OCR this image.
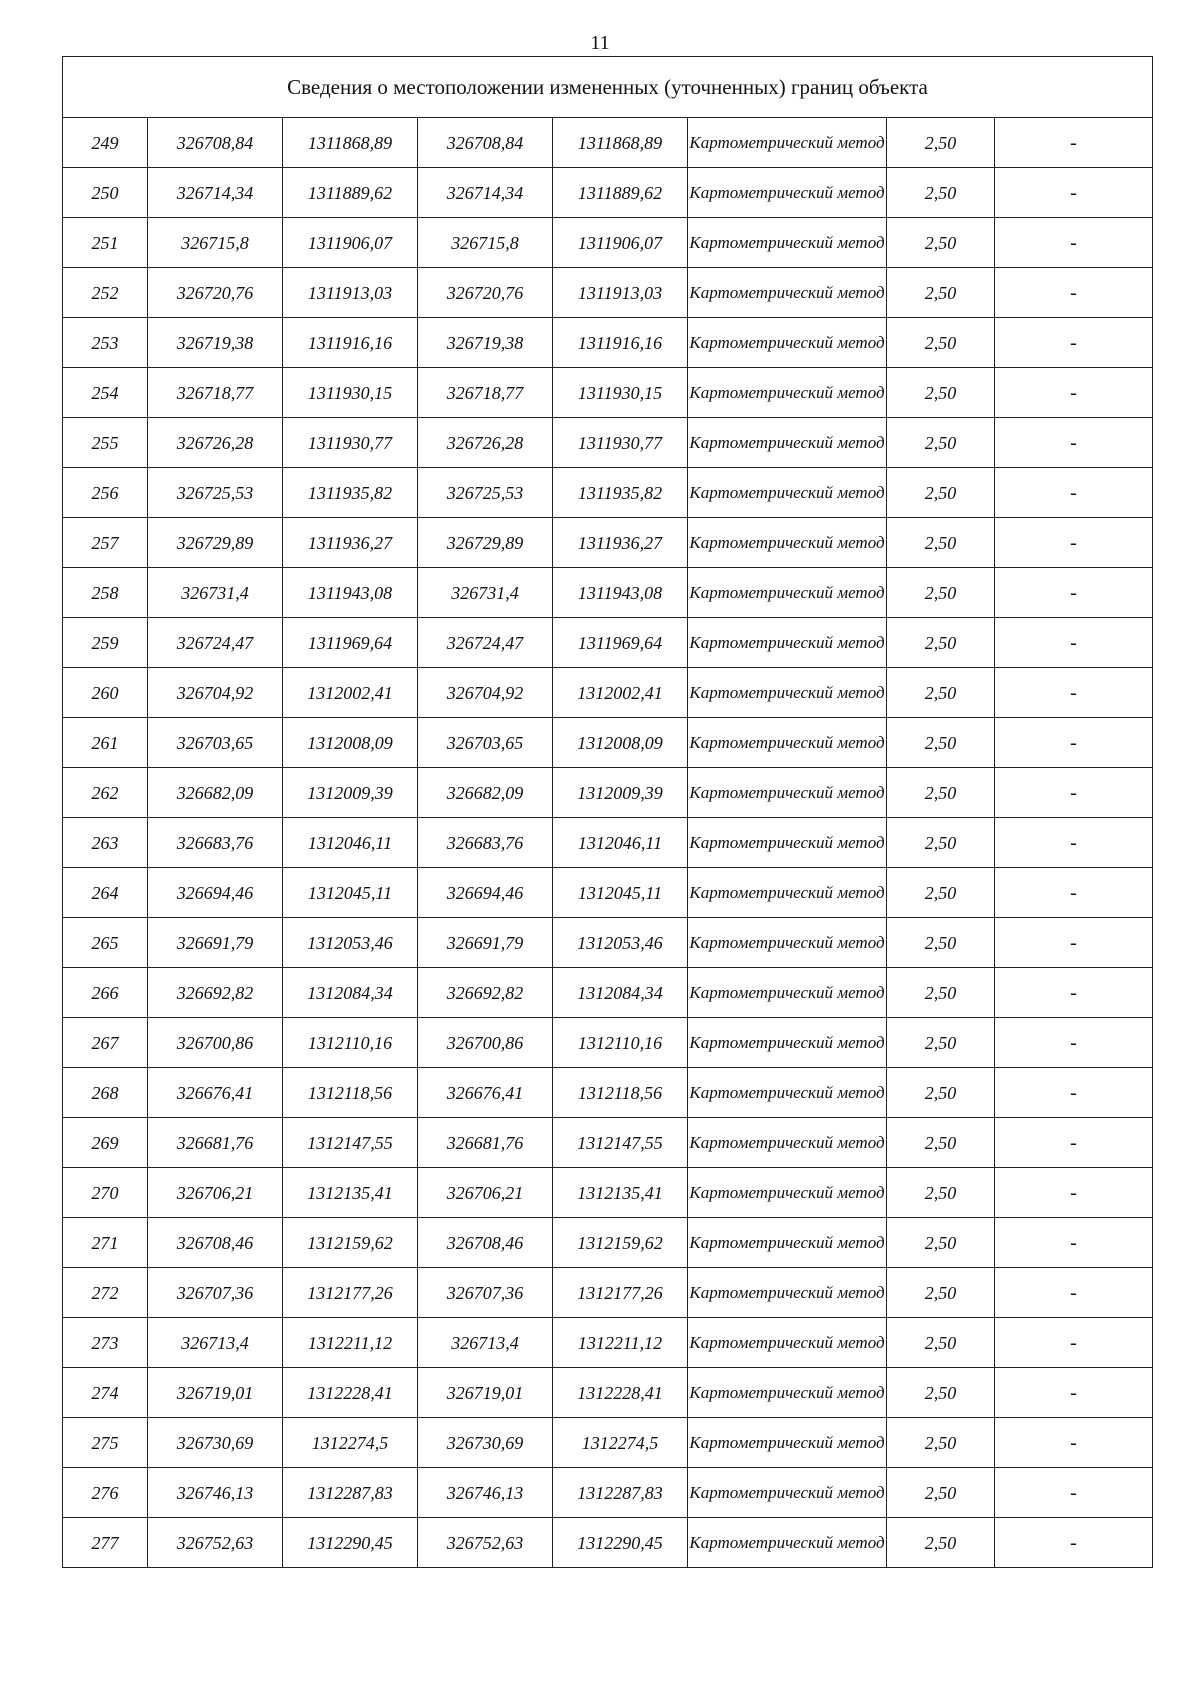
11
Сведения о местоположении измененных (уточненных) границ объекта							
249	326708,84	1311868,89	326708,84	1311868,89	Картометрический метод	2,50	-
250	326714,34	1311889,62	326714,34	1311889,62	Картометрический метод	2,50	-
251	326715,8	1311906,07	326715,8	1311906,07	Картометрический метод	2,50	-
252	326720,76	1311913,03	326720,76	1311913,03	Картометрический метод	2,50	-
253	326719,38	1311916,16	326719,38	1311916,16	Картометрический метод	2,50	-
254	326718,77	1311930,15	326718,77	1311930,15	Картометрический метод	2,50	-
255	326726,28	1311930,77	326726,28	1311930,77	Картометрический метод	2,50	-
256	326725,53	1311935,82	326725,53	1311935,82	Картометрический метод	2,50	-
257	326729,89	1311936,27	326729,89	1311936,27	Картометрический метод	2,50	-
258	326731,4	1311943,08	326731,4	1311943,08	Картометрический метод	2,50	-
259	326724,47	1311969,64	326724,47	1311969,64	Картометрический метод	2,50	-
260	326704,92	1312002,41	326704,92	1312002,41	Картометрический метод	2,50	-
261	326703,65	1312008,09	326703,65	1312008,09	Картометрический метод	2,50	-
262	326682,09	1312009,39	326682,09	1312009,39	Картометрический метод	2,50	-
263	326683,76	1312046,11	326683,76	1312046,11	Картометрический метод	2,50	-
264	326694,46	1312045,11	326694,46	1312045,11	Картометрический метод	2,50	-
265	326691,79	1312053,46	326691,79	1312053,46	Картометрический метод	2,50	-
266	326692,82	1312084,34	326692,82	1312084,34	Картометрический метод	2,50	-
267	326700,86	1312110,16	326700,86	1312110,16	Картометрический метод	2,50	-
268	326676,41	1312118,56	326676,41	1312118,56	Картометрический метод	2,50	-
269	326681,76	1312147,55	326681,76	1312147,55	Картометрический метод	2,50	-
270	326706,21	1312135,41	326706,21	1312135,41	Картометрический метод	2,50	-
271	326708,46	1312159,62	326708,46	1312159,62	Картометрический метод	2,50	-
272	326707,36	1312177,26	326707,36	1312177,26	Картометрический метод	2,50	-
273	326713,4	1312211,12	326713,4	1312211,12	Картометрический метод	2,50	-
274	326719,01	1312228,41	326719,01	1312228,41	Картометрический метод	2,50	-
275	326730,69	1312274,5	326730,69	1312274,5	Картометрический метод	2,50	-
276	326746,13	1312287,83	326746,13	1312287,83	Картометрический метод	2,50	-
277	326752,63	1312290,45	326752,63	1312290,45	Картометрический метод	2,50	-
